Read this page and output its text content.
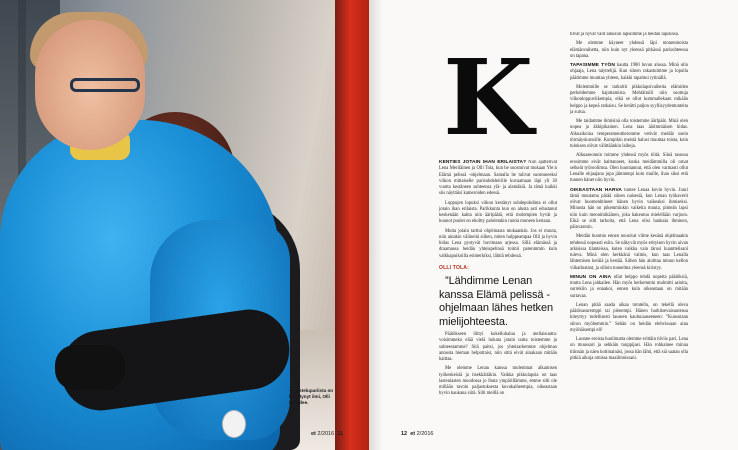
– Taistelupariista on kehittynyt ilmi, Olli kuvailee.
et 2/2016 11
K

KENTIES JOTAIN IHAN ERILAISTA? Niin ajattelivat Lena Meriläinen ja Olli Tola, kun he suostuivat mukaan Yle:n Elämä pelissä -ohjelmaan. Samalla he tulivat suostuneeksi viikon mittaiselle parisuhdeleirille kuvaamaan läpi yli 30 vuotta kestäneen suhteensa ylä- ja alamäkiä. Ja tämä kaikki siis näyttäisi kameroiden edessä.

Loppujen lopuksi viikon kestänyt suhdepohdinta ei ollut jotain ihan erilaista. Parikkunta kun on alusta asti edustanut keskenään kahta niin äärlpäätä, että molempien hyvät ja huonot puolet on eholtty paloletakin ruotia moneen kertaan.

Mutta jotain tarttui ohjelmasta mukaankin. Jos ei muuta, niin ainakin välineitä siihen, miten hulppeampaa Olli ja hyvin hidas Lena pystyvät huvimaan arjessa. Sillä elämässä ja draamassa heidän yhteispelinsä toimii parenmmin kuin valkkapuikoilla esimerkiksi, lähtiä tehdessä.

OLLI TOLA:

”Lähdimme Lenan kanssa Elämä pelissä -ohjelmaan lähes hetken mielijohteesta.

Päätökseen liittyi kokelluhalua ja utellaisuutta: voisimmeko elää vielä hokata jotain uutta toistemme ja suhteestamme? Sitä paitsi, jos yhteisarkemme ohjelmao annosta hieman helpottaisi, niin sittä eivät ainakaan mitään haittaa.

Me olemme Lenan kanssa molemmat alkamisen työkeskeisiä ja itsekkäitäkin. Vaikka pikkulapsia on taas lastenlasten muodossa jo lhuta ympärillämme, emme silti ole millään tavoin paljastuksesta kuvakaiheempia, oikeastaan hyvin kaukana siitä. Silti meillä on

tilvät ja hyvät välit aikusiin lapsiimme ja heidän lapsiinsa.

Me olemme käyneet yhdessä läpi monenmoista elämänvaihetta, niin kuin nyt yleensä pitkässä parisuhteessa on tapana.

TAPASIMME TYÖN kautta 1980 luvun alussa. Minä olin ohjaaja, Lena näyttelijä. Kun siinen rakastuimme ja lopulla päätimme muuttaa yhteen, kaikki tapahtui rytinällä.

Molemmille se tarkoitti pikkulapsivaiheita elämiden perheldemme hajottamista. Mehtäitulli niin suottuja viikonloppuviikempia, eikä se ollut kummallekaan mikään helppo ja kepeä ratkaisu. Se herätti paljon syyllisyydentunteita ja surua.

Me taidamme ihmisinä olla toistemme äärlpäät. Minä olen nopea ja äkkipikainen. Lena taas äärimmäisen hidas. Alkuaikoina temperamenttieromme vetivät meidät usein törmäyskurssille. Kumpikin meistä halusi muuttaa toista, koin tuloksen olivat välittäänkin laiheja.

Alkuaseonnin toimme yhdessä myös töitä. Siinä tasossa erosimme eivät haittanneet, koska meidämmilla oli ornat selkeät työroolimsa. Olen huomannut, että olen varmasti ollut Lenalle ohjaajana jopa jämmenpi kuin muille, ihan siksi että tunnen hänet niin hyvin.

OIKEASTAAN HARVA tuntee Lenaa kovin hyvin. Juuri tämä muutama pärää siinen naisesiä, kun Lenan työkaverit olivat huomenhtineet hänen hyvin vaikeaksi ihmiseksi. Minusta hän on pikemminkin vaikeita muuta, pimeän lapsi niin kuin meonimikäinen, joka hakeutuu mielellään varjoon. Eikä se silti tarkoita, että Lena olisi hankala ihminen, päinvastoin.

Meidän huomio ennen nousivat vilme kesänä ohjelmaakin tehdessä nopeasti esiin. Se näkyvät myös erityisen hyvin aivan arkisissa tilanteissa, kuten vaikka vain tärosi huanttelisani tuleva. Minä olen herkkänä valmis, kun taas Lenalla lähtemisen keräiä ja kestää. Siihen hän aloittaa minun kellon viikatlustant, ja silloin tunnelma yleensä kiristyy.

MINUN ON AINA ollut helppo tehdä nopeita päätöksiä, mutta Lena jahkailee. Hän myös herkemmin mulmitti asioita, surrekiin ja ennakoi, ennen kuin oikeastaan on mitään surtavaa.

Lenan pitää saada aikaa totutella, on tekellä oleva päätösasuremppi tai pienempi. Hänen harkitsevaisuutensa kiteyttyy todellisesti lauseen kauhuiaaseeneen: ”Kunsotaan siiron myöhemmin.” Sehän on heidän elehvissaan aina myöhäisempi eli!

Luonne eroista huolimatta olemme erittäin tiiviis pari. Lena on muussari ja sehkäin tuuppijasi. Hän rohkainee minua tiiinnän ja näen kotimainäsi, jossa hän lähti, että siä saatan olla pitkiä aikoja omissa maailmoissani.

12 et 2/2016
